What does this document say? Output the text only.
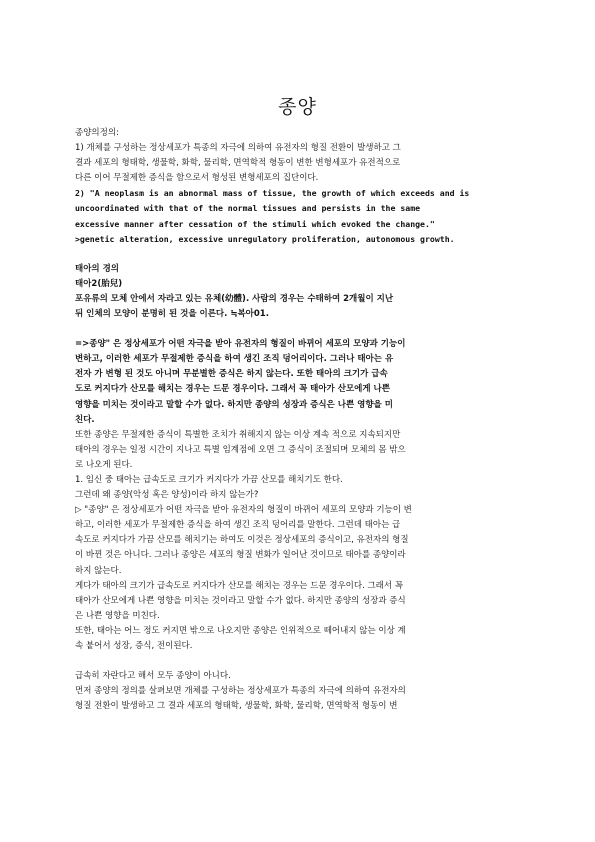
종양
종양의정의:
1) 개체를 구성하는 정상세포가 특종의 자극에 의하여 유전자의 형질 전환이 발생하고 그
결과 세포의 형태학, 생물학, 화학, 물리학, 면역학적 형동이 변한 변형세포가 유전적으로
다른 이어 무절제한 증식을 함으로서 형성된 변형세포의 집단이다.
2) "A neoplasm is an abnormal mass of tissue, the growth of which exceeds and is
uncoordinated with that of the normal tissues and persists in the same
excessive manner after cessation of the stimuli which evoked the change."
>genetic alteration, excessive unregulatory proliferation, autonomous growth.
태아의 경의
태아2(胎兒)
포유류의 모체 안에서 자라고 있는 유체(幼體). 사람의 경우는 수태하여 2개월이 지난
뒤 인체의 모양이 분명히 된 것을 이른다. ≒복아01.
=>종양" 은 정상세포가 어떤 자극을 받아 유전자의 형질이 바뀌어 세포의 모양과 기능이
변하고, 이러한 세포가 무절제한 증식을 하여 생긴 조직 덩어리이다. 그러나 태아는 유
전자 가 변형 된 것도 아니며 무분별한 증식은 하지 않는다. 또한 태아의 크기가 급속
도로 커지다가 산모를 해치는 경우는 드문 경우이다. 그래서 꼭 태아가 산모에게 나쁜
영향을 미치는 것이라고 말할 수가 없다. 하지만 종양의 성장과 증식은 나쁜 영향을 미
친다.
또한 종양은 무절제한 증식이 특별한 조치가 취해지지 않는 이상 계속 적으로 지속되지만
태아의 경우는 일정 시간이 지나고 특별 임계점에 오면 그 증식이 조절되며 모체의 몸 밖으
로 나오게 된다.
1. 임신 중 태아는 급속도로 크기가 커지다가 가끔 산모를 해치기도 한다.
그런데 왜 종양(악성 혹은 양성)이라 하지 않는가?
▷ "종양" 은 정상세포가 어떤 자극을 받아 유전자의 형질이 바뀌어 세포의 모양과 기능이 변
하고, 이러한 세포가 무절제한 증식을 하여 생긴 조직 덩어리를 말한다. 그런데 태아는 급
속도로 커지다가 가끔 산모를 해치기는 하여도 이것은 정상세포의 증식이고, 유전자의 형질
이 바뀐 것은 아니다. 그러나 종양은 세포의 형질 변화가 일어난 것이므로 태아를 종양이라
하지 않는다.
게다가 태아의 크기가 급속도로 커지다가 산모를 해치는 경우는 드문 경우이다. 그래서 꼭
태아가 산모에게 나쁜 영향을 미치는 것이라고 말할 수가 없다. 하지만 종양의 성장과 증식
은 나쁜 영향을 미친다.
또한, 태아는 어느 정도 커지면 밖으로 나오지만 종양은 인위적으로 떼어내지 않는 이상 계
속 붙어서 성장, 증식, 전이된다.
급속히 자란다고 해서 모두 종양이 아니다.
먼저 종양의 정의를 살펴보면 개체를 구성하는 정상세포가 특종의 자극에 의하여 유전자의
형질 전환이 발생하고 그 결과 세포의 형태학, 생물학, 화학, 물리학, 면역학적 형동이 변
